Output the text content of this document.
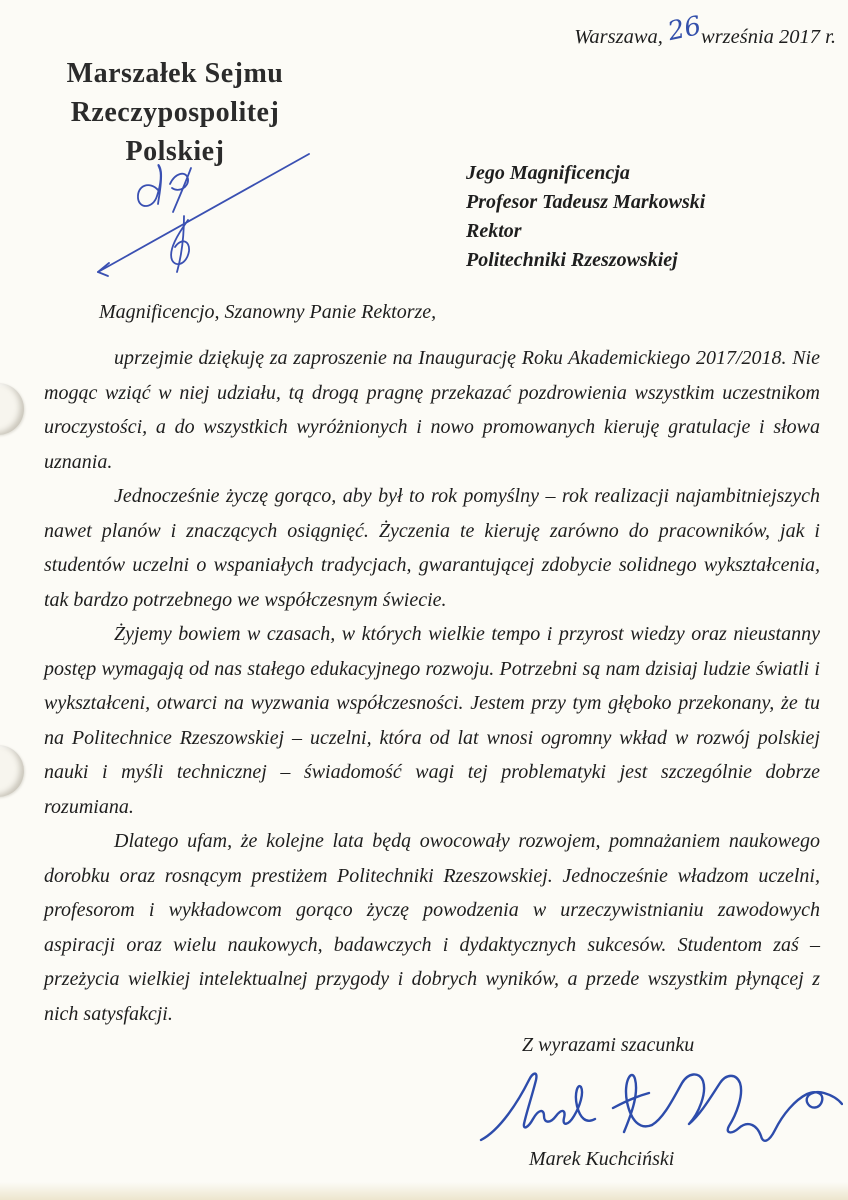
Warszawa,26września 2017 r.
Marszałek Sejmu
Rzeczypospolitej Polskiej
Jego Magnificencja
Profesor Tadeusz Markowski
Rektor
Politechniki Rzeszowskiej
Magnificencjo, Szanowny Panie Rektorze,

uprzejmie dziękuję za zaproszenie na Inaugurację Roku Akademickiego 2017/2018. Nie mogąc wziąć w niej udziału, tą drogą pragnę przekazać pozdrowienia wszystkim uczestnikom uroczystości, a do wszystkich wyróżnionych i nowo promowanych kieruję gratulacje i słowa uznania.

Jednocześnie życzę gorąco, aby był to rok pomyślny – rok realizacji najambitniejszych nawet planów i znaczących osiągnięć. Życzenia te kieruję zarówno do pracowników, jak i studentów uczelni o wspaniałych tradycjach, gwarantującej zdobycie solidnego wykształcenia, tak bardzo potrzebnego we współczesnym świecie.

Żyjemy bowiem w czasach, w których wielkie tempo i przyrost wiedzy oraz nieustanny postęp wymagają od nas stałego edukacyjnego rozwoju. Potrzebni są nam dzisiaj ludzie światli i wykształceni, otwarci na wyzwania współczesności. Jestem przy tym głęboko przekonany, że tu na Politechnice Rzeszowskiej – uczelni, która od lat wnosi ogromny wkład w rozwój polskiej nauki i myśli technicznej – świadomość wagi tej problematyki jest szczególnie dobrze rozumiana.

Dlatego ufam, że kolejne lata będą owocowały rozwojem, pomnażaniem naukowego dorobku oraz rosnącym prestiżem Politechniki Rzeszowskiej. Jednocześnie władzom uczelni, profesorom i wykładowcom gorąco życzę powodzenia w urzeczywistnianiu zawodowych aspiracji oraz wielu naukowych, badawczych i dydaktycznych sukcesów. Studentom zaś – przeżycia wielkiej intelektualnej przygody i dobrych wyników, a przede wszystkim płynącej z nich satysfakcji.

Z wyrazami szacunku
Marek Kuchciński
